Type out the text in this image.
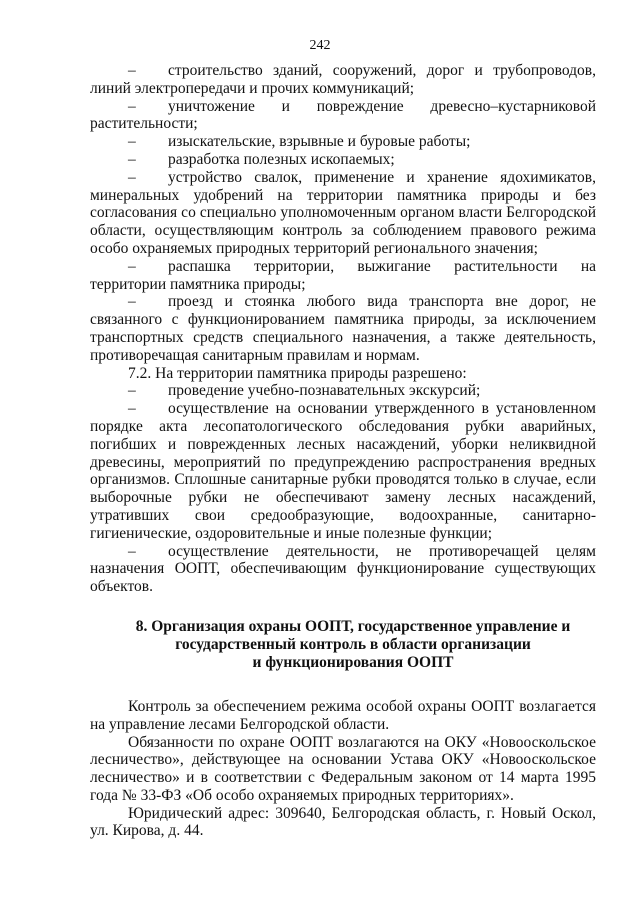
242

– строительство зданий, сооружений, дорог и трубопроводов, линий электропередачи и прочих коммуникаций;

– уничтожение и повреждение древесно–кустарниковой растительности;

– изыскательские, взрывные и буровые работы;

– разработка полезных ископаемых;

– устройство свалок, применение и хранение ядохимикатов, минеральных удобрений на территории памятника природы и без согласования со специально уполномоченным органом власти Белгородской области, осуществляющим контроль за соблюдением правового режима особо охраняемых природных территорий регионального значения;

– распашка территории, выжигание растительности на территории памятника природы;

– проезд и стоянка любого вида транспорта вне дорог, не связанного с функционированием памятника природы, за исключением транспортных средств специального назначения, а также деятельность, противоречащая санитарным правилам и нормам.

7.2. На территории памятника природы разрешено:

– проведение учебно-познавательных экскурсий;

– осуществление на основании утвержденного в установленном порядке акта лесопатологического обследования рубки аварийных, погибших и поврежденных лесных насаждений, уборки неликвидной древесины, мероприятий по предупреждению распространения вредных организмов. Сплошные санитарные рубки проводятся только в случае, если выборочные рубки не обеспечивают замену лесных насаждений, утративших свои средообразующие, водоохранные, санитарно-гигиенические, оздоровительные и иные полезные функции;

– осуществление деятельности, не противоречащей целям назначения ООПТ, обеспечивающим функционирование существующих объектов.

8. Организация охраны ООПТ, государственное управление и
государственный контроль в области организации
и функционирования ООПТ

Контроль за обеспечением режима особой охраны ООПТ возлагается на управление лесами Белгородской области.

Обязанности по охране ООПТ возлагаются на ОКУ «Новооскольское лесничество», действующее на основании Устава ОКУ «Новооскольское лесничество» и в соответствии с Федеральным законом от 14 марта 1995 года № 33-ФЗ «Об особо охраняемых природных территориях».

Юридический адрес: 309640, Белгородская область, г. Новый Оскол, ул. Кирова, д. 44.
